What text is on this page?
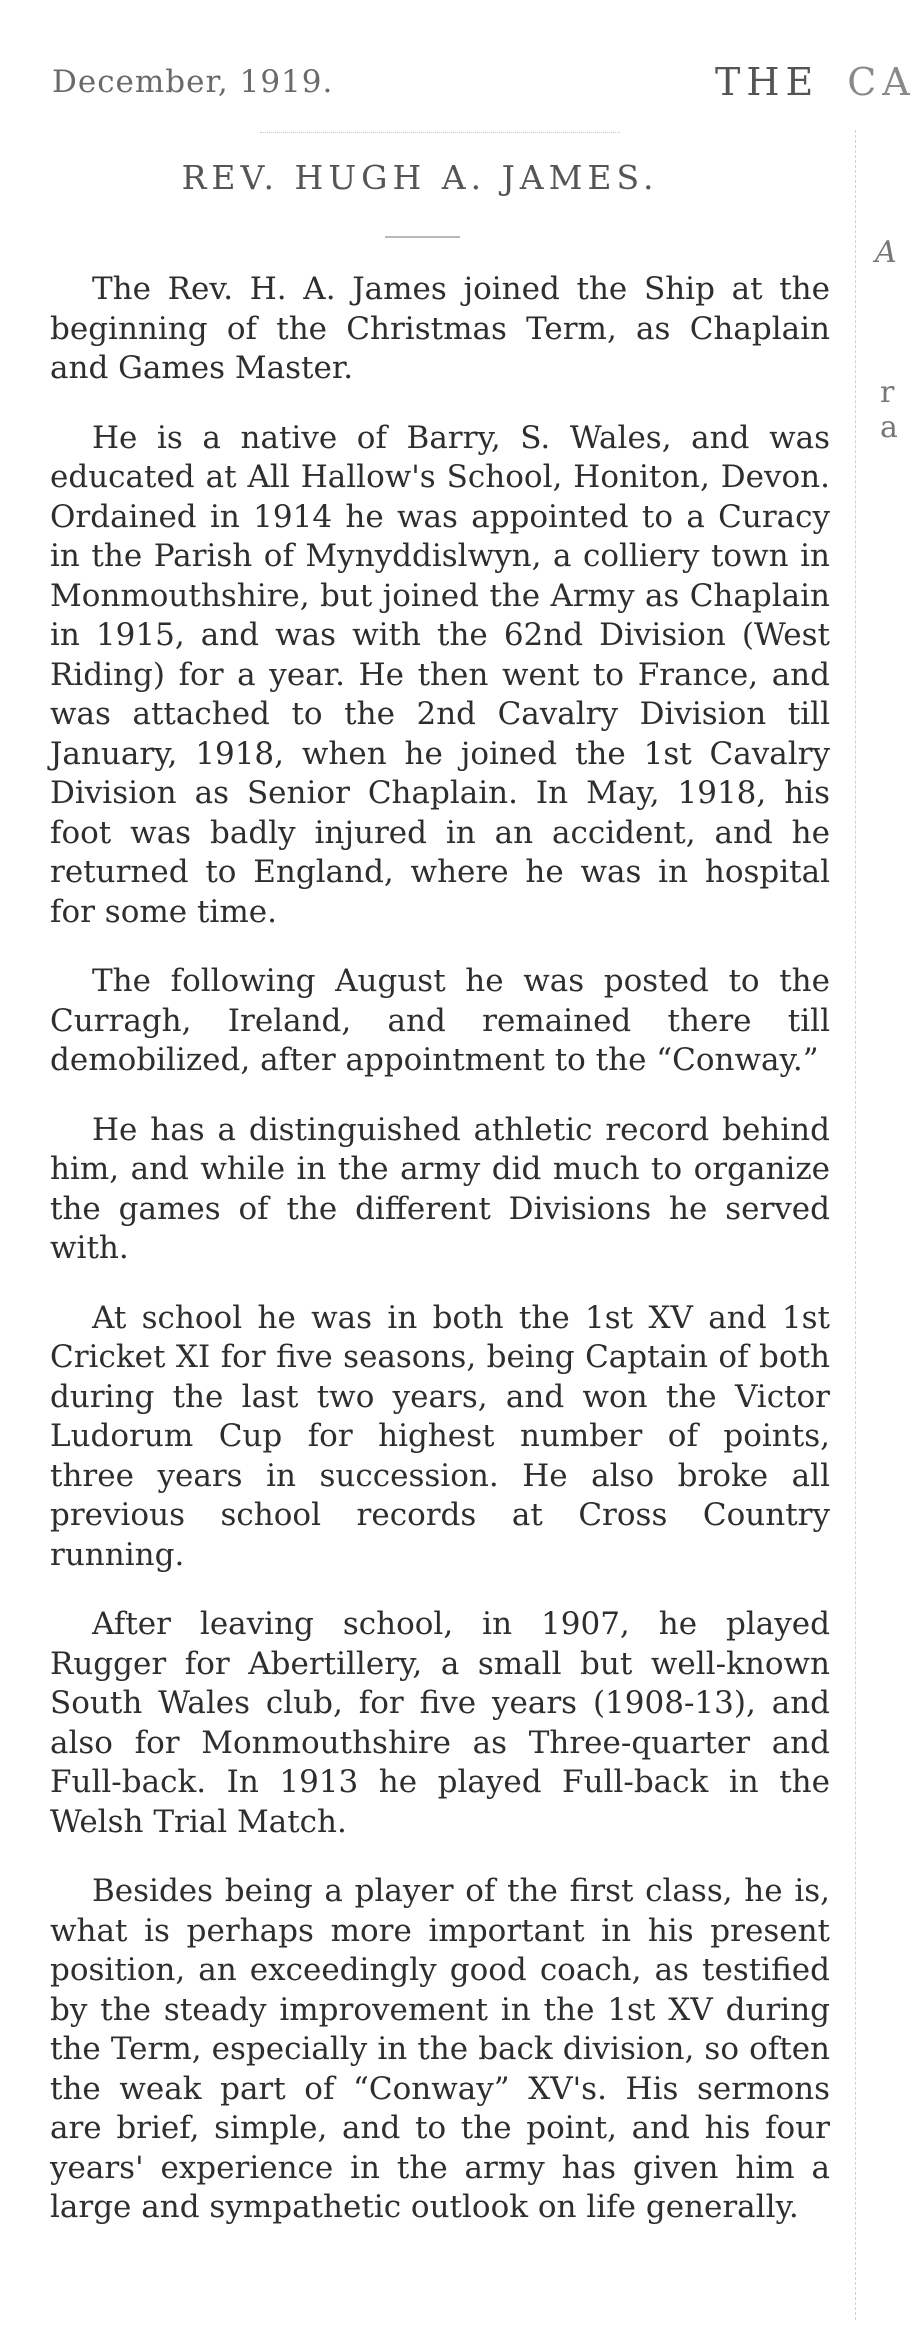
December, 1919.	THE CA
REV. HUGH A. JAMES.

The Rev. H. A. James joined the Ship at the beginning of the Christmas Term, as Chaplain and Games Master.

He is a native of Barry, S. Wales, and was educated at All Hallow's School, Honiton, Devon. Ordained in 1914 he was appointed to a Curacy in the Parish of Mynyddislwyn, a colliery town in Monmouthshire, but joined the Army as Chaplain in 1915, and was with the 62nd Division (West Riding) for a year. He then went to France, and was attached to the 2nd Cavalry Division till January, 1918, when he joined the 1st Cavalry Division as Senior Chaplain. In May, 1918, his foot was badly injured in an accident, and he returned to England, where he was in hospital for some time.

The following August he was posted to the Curragh, Ireland, and remained there till demobilized, after appointment to the “Conway.”

He has a distinguished athletic record behind him, and while in the army did much to organize the games of the different Divisions he served with.

At school he was in both the 1st XV and 1st Cricket XI for five seasons, being Captain of both during the last two years, and won the Victor Ludorum Cup for highest number of points, three years in succession. He also broke all previous school records at Cross Country running.

After leaving school, in 1907, he played Rugger for Abertillery, a small but well-known South Wales club, for five years (1908-13), and also for Monmouthshire as Three-quarter and Full-back. In 1913 he played Full-back in the Welsh Trial Match.

Besides being a player of the first class, he is, what is perhaps more important in his present position, an exceedingly good coach, as testified by the steady improvement in the 1st XV during the Term, especially in the back division, so often the weak part of “Conway” XV's. His sermons are brief, simple, and to the point, and his four years' experience in the army has given him a large and sympathetic outlook on life generally.

A
r
a
